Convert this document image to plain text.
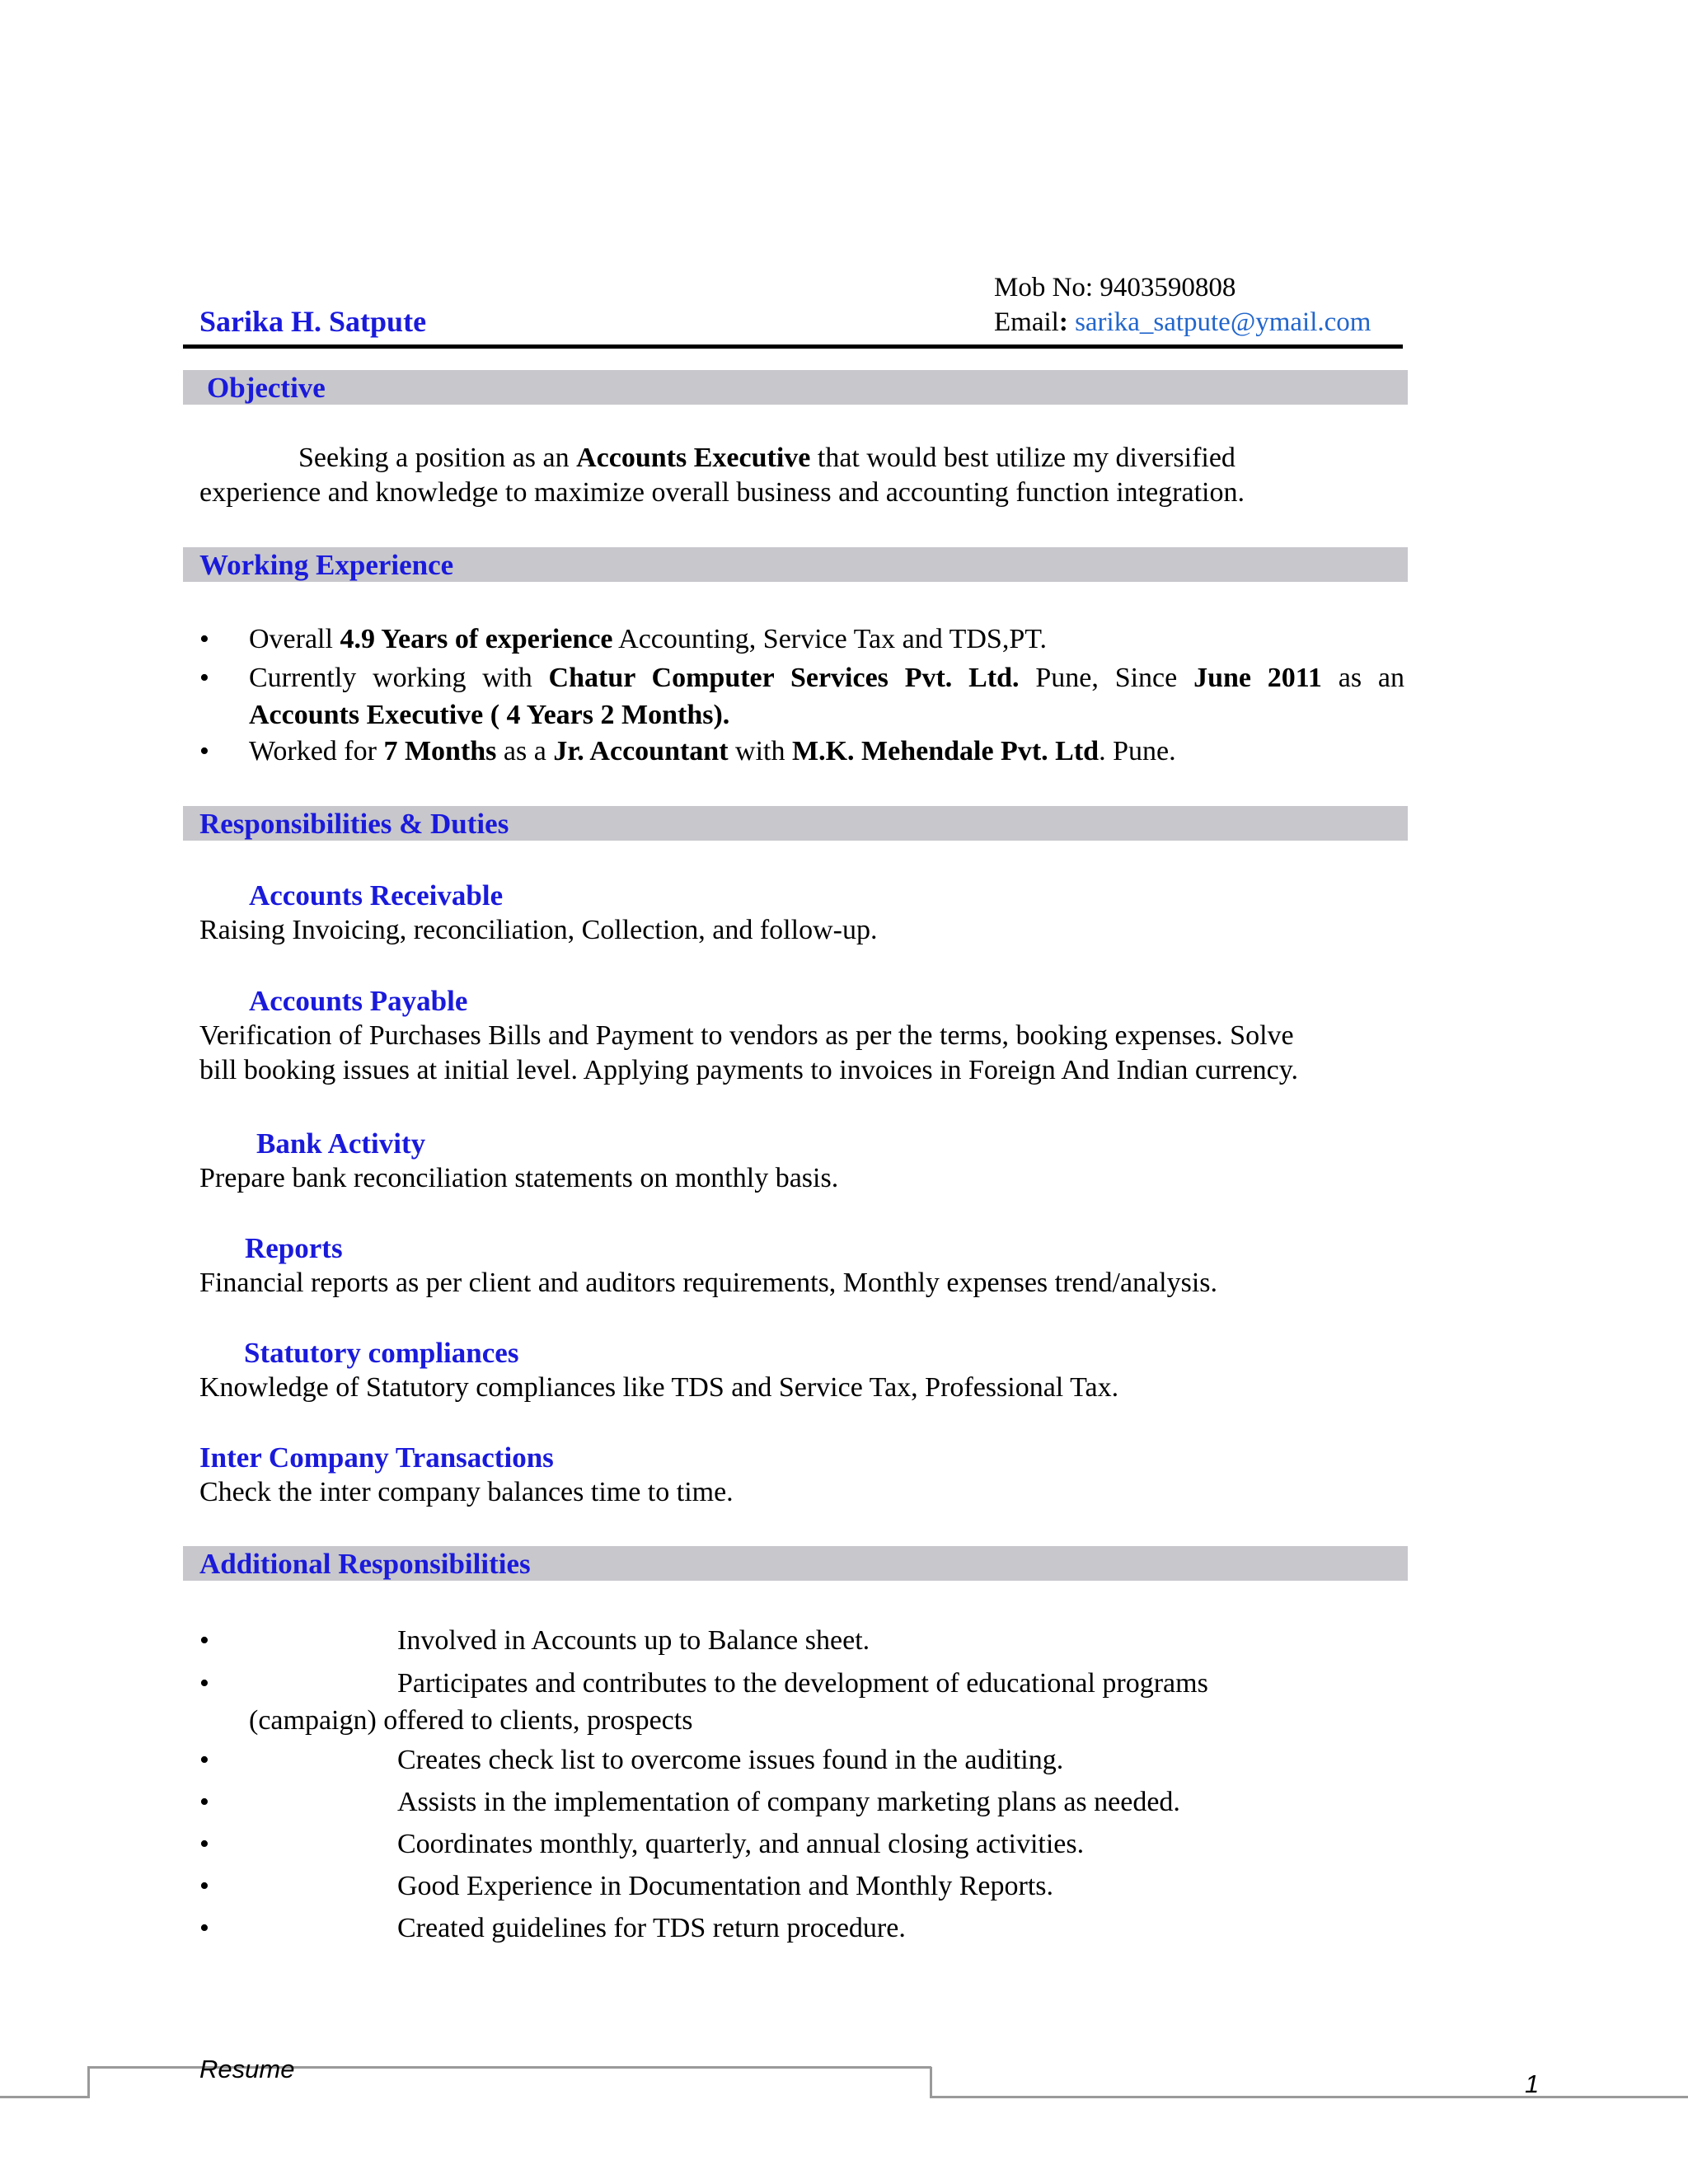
Mob No: 9403590808
Sarika H. Satpute	Email: sarika_satpute@ymail.com
Objective
Seeking a position as an Accounts Executive that would best utilize my diversified
experience and knowledge to maximize overall business and accounting function integration.
Working Experience
• Overall 4.9 Years of experience Accounting, Service Tax and TDS,PT.
• Currently working with Chatur Computer Services Pvt. Ltd. Pune, Since June 2011 as an
Accounts Executive ( 4 Years 2 Months).
• Worked for 7 Months as a Jr. Accountant with M.K. Mehendale Pvt. Ltd. Pune.
Responsibilities & Duties
Accounts Receivable
Raising Invoicing, reconciliation, Collection, and follow-up.
Accounts Payable
Verification of Purchases Bills and Payment to vendors as per the terms, booking expenses. Solve
bill booking issues at initial level. Applying payments to invoices in Foreign And Indian currency.
Bank Activity
Prepare bank reconciliation statements on monthly basis.
Reports
Financial reports as per client and auditors requirements, Monthly expenses trend/analysis.
Statutory compliances
Knowledge of Statutory compliances like TDS and Service Tax, Professional Tax.
Inter Company Transactions
Check the inter company balances time to time.
Additional Responsibilities
•	Involved in Accounts up to Balance sheet.
•	Participates and contributes to the development of educational programs
(campaign) offered to clients, prospects
•	Creates check list to overcome issues found in the auditing.
•	Assists in the implementation of company marketing plans as needed.
•	Coordinates monthly, quarterly, and annual closing activities.
•	Good Experience in Documentation and Monthly Reports.
•	Created guidelines for TDS return procedure.
Resume
1
